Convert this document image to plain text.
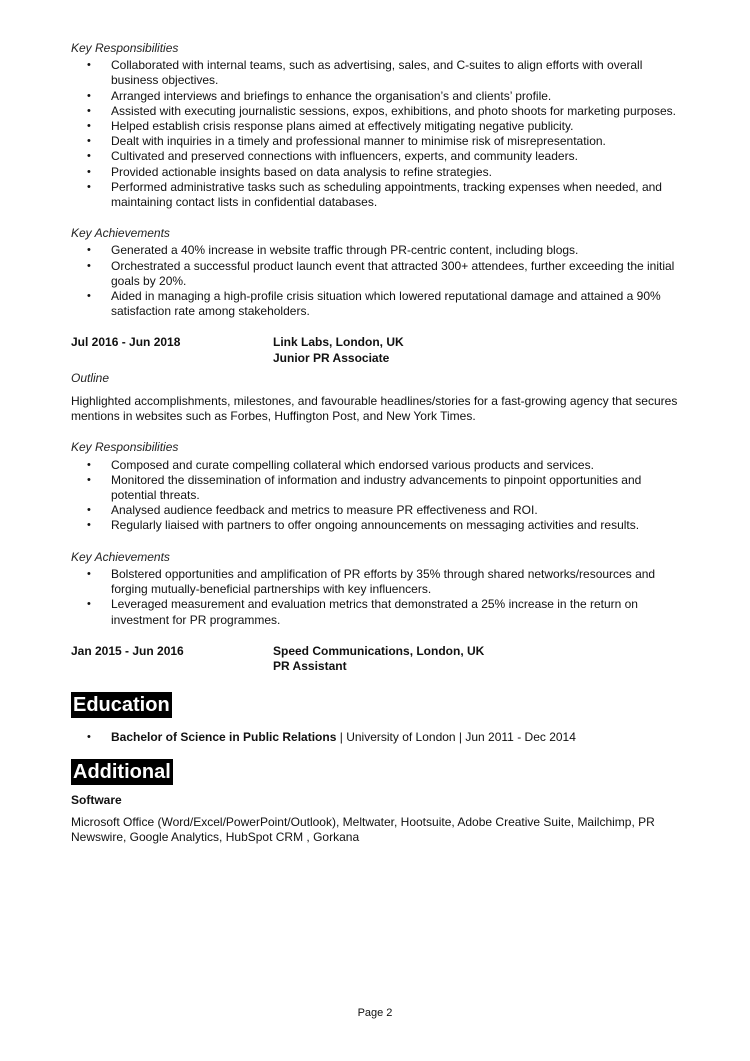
Key Responsibilities
• Collaborated with internal teams, such as advertising, sales, and C-suites to align efforts with overall business objectives.
• Arranged interviews and briefings to enhance the organisation’s and clients’ profile.
• Assisted with executing journalistic sessions, expos, exhibitions, and photo shoots for marketing purposes.
• Helped establish crisis response plans aimed at effectively mitigating negative publicity.
• Dealt with inquiries in a timely and professional manner to minimise risk of misrepresentation.
• Cultivated and preserved connections with influencers, experts, and community leaders.
• Provided actionable insights based on data analysis to refine strategies.
• Performed administrative tasks such as scheduling appointments, tracking expenses when needed, and maintaining contact lists in confidential databases.
Key Achievements
• Generated a 40% increase in website traffic through PR-centric content, including blogs.
• Orchestrated a successful product launch event that attracted 300+ attendees, further exceeding the initial goals by 20%.
• Aided in managing a high-profile crisis situation which lowered reputational damage and attained a 90% satisfaction rate among stakeholders.
Jul 2016 - Jun 2018	Link Labs, London, UK
Junior PR Associate
Outline

Highlighted accomplishments, milestones, and favourable headlines/stories for a fast-growing agency that secures mentions in websites such as Forbes, Huffington Post, and New York Times.

Key Responsibilities
• Composed and curate compelling collateral which endorsed various products and services.
• Monitored the dissemination of information and industry advancements to pinpoint opportunities and potential threats.
• Analysed audience feedback and metrics to measure PR effectiveness and ROI.
• Regularly liaised with partners to offer ongoing announcements on messaging activities and results.
Key Achievements
• Bolstered opportunities and amplification of PR efforts by 35% through shared networks/resources and forging mutually-beneficial partnerships with key influencers.
• Leveraged measurement and evaluation metrics that demonstrated a 25% increase in the return on investment for PR programmes.
Jan 2015 - Jun 2016	Speed Communications, London, UK
PR Assistant
Education
• Bachelor of Science in Public Relations | University of London | Jun 2011 - Dec 2014
Additional
Software

Microsoft Office (Word/Excel/PowerPoint/Outlook), Meltwater, Hootsuite, Adobe Creative Suite, Mailchimp, PR Newswire, Google Analytics, HubSpot CRM , Gorkana

Page 2
